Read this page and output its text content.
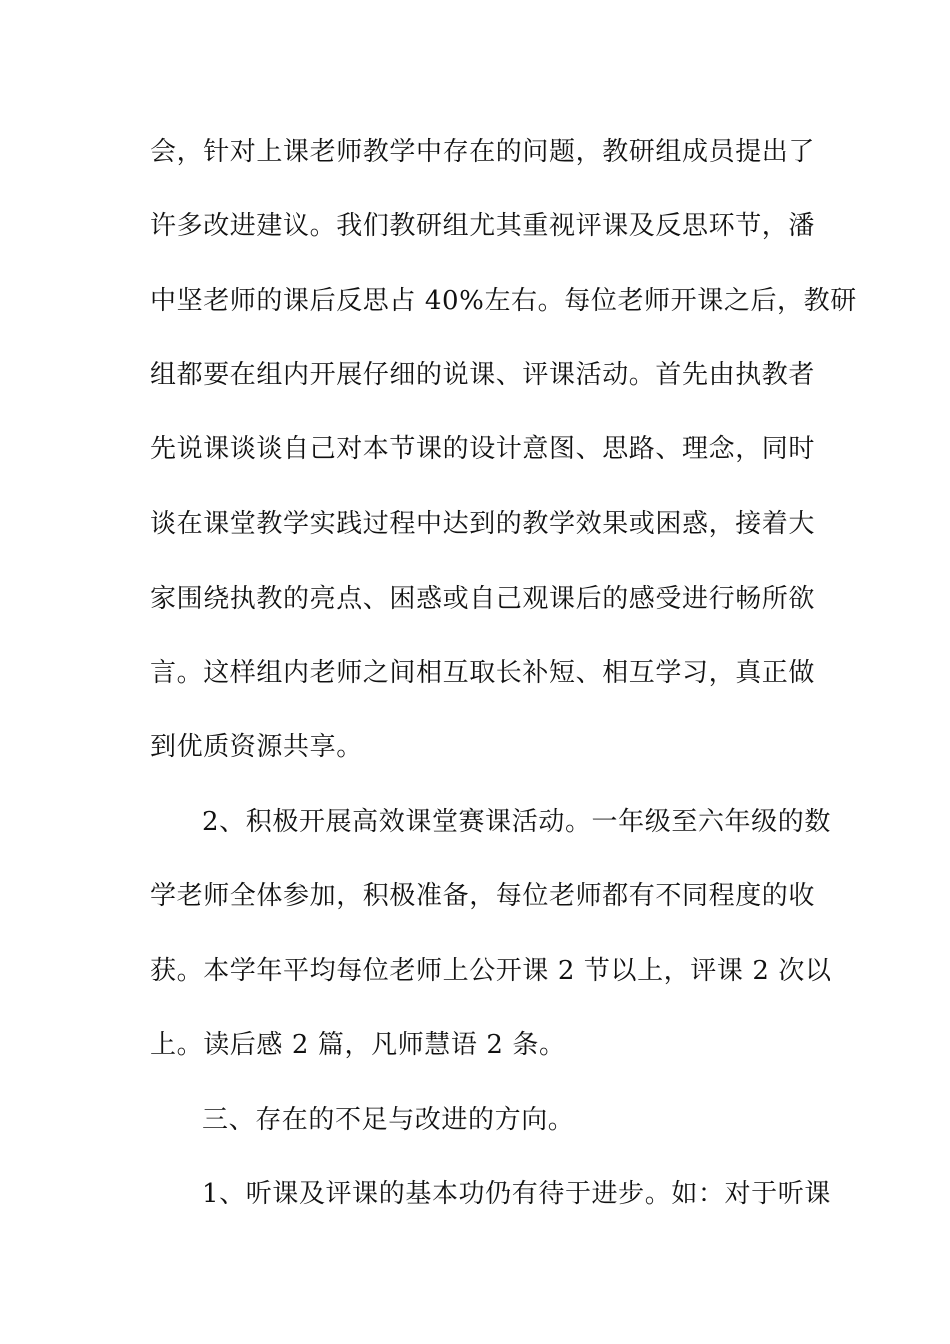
会，针对上课老师教学中存在的问题，教研组成员提出了
许多改进建议。我们教研组尤其重视评课及反思环节，潘
中坚老师的课后反思占 40%左右。每位老师开课之后，教研
组都要在组内开展仔细的说课、评课活动。首先由执教者
先说课谈谈自己对本节课的设计意图、思路、理念，同时
谈在课堂教学实践过程中达到的教学效果或困惑，接着大
家围绕执教的亮点、困惑或自己观课后的感受进行畅所欲
言。这样组内老师之间相互取长补短、相互学习，真正做
到优质资源共享。
2、积极开展高效课堂赛课活动。一年级至六年级的数
学老师全体参加，积极准备，每位老师都有不同程度的收
获。本学年平均每位老师上公开课 2 节以上，评课 2 次以
上。读后感 2 篇，凡师慧语 2 条。
三、存在的不足与改进的方向。
1、听课及评课的基本功仍有待于进步。如：对于听课
